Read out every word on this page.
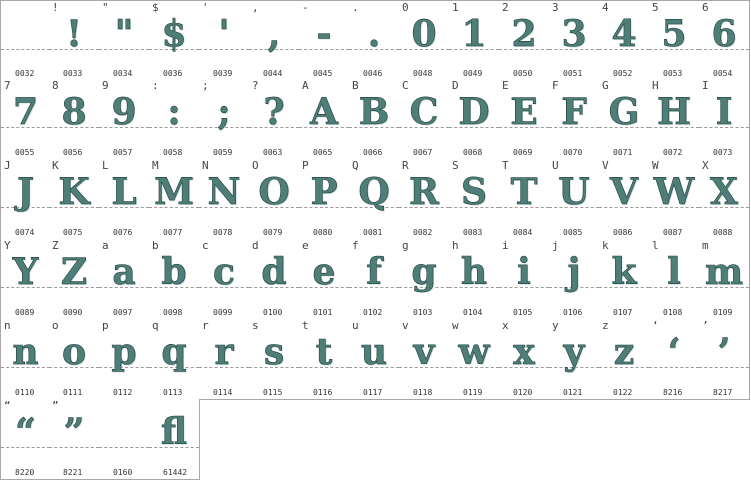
0032
!
!
0033
"
"
0034
$
$
0036
'
'
0039
,
,
0044
-
-
0045
.
.
0046
0
0
0048
1
1
0049
2
2
0050
3
3
0051
4
4
0052
5
5
0053
6
6
0054
7
7
0055
8
8
0056
9
9
0057
:
:
0058
;
;
0059
?
?
0063
A
A
0065
B
B
0066
C
C
0067
D
D
0068
E
E
0069
F
F
0070
G
G
0071
H
H
0072
I
I
0073
J
J
0074
K
K
0075
L
L
0076
M
M
0077
N
N
0078
O
O
0079
P
P
0080
Q
Q
0081
R
R
0082
S
S
0083
T
T
0084
U
U
0085
V
V
0086
W
W
0087
X
X
0088
Y
Y
0089
Z
Z
0090
a
a
0097
b
b
0098
c
c
0099
d
d
0100
e
e
0101
f
f
0102
g
g
0103
h
h
0104
i
i
0105
j
j
0106
k
k
0107
l
l
0108
m
m
0109
n
n
0110
o
o
0111
p
p
0112
q
q
0113
r
r
0114
s
s
0115
t
t
0116
u
u
0117
v
v
0118
w
w
0119
x
x
0120
y
y
0121
z
z
0122
‘
‘
8216
’
’
8217
“
“
8220
”
”
8221	0160
ﬂ
61442
